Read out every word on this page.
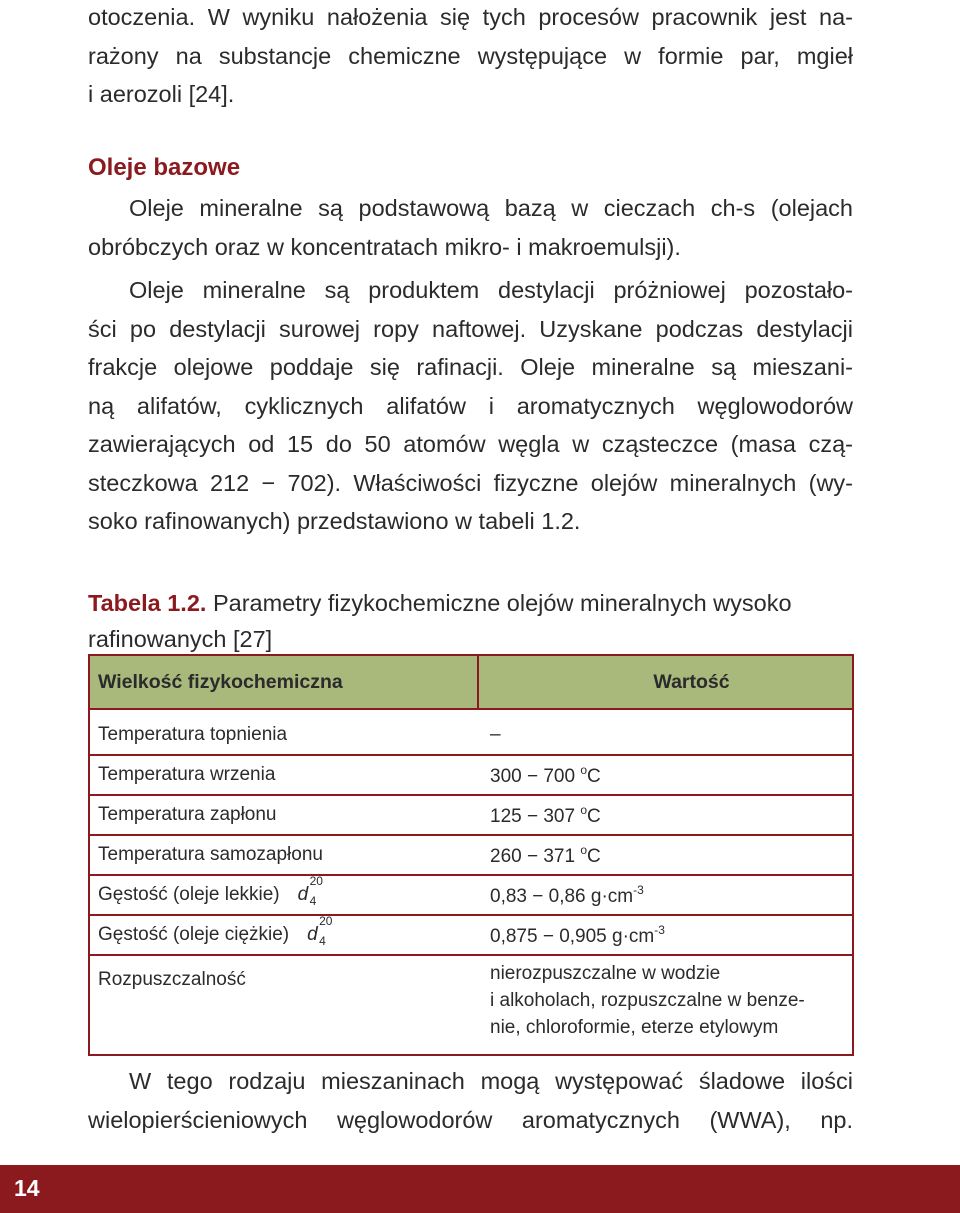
otoczenia. W wyniku nałożenia się tych procesów pracownik jest na-
rażony na substancje chemiczne występujące w formie par, mgieł
i aerozoli [24].
Oleje bazowe
Oleje mineralne są podstawową bazą w cieczach ch-s (olejach
obróbczych oraz w koncentratach mikro- i makroemulsji).
Oleje mineralne są produktem destylacji próżniowej pozostało-
ści po destylacji surowej ropy naftowej. Uzyskane podczas destylacji
frakcje olejowe poddaje się rafinacji. Oleje mineralne są mieszani-
ną alifatów, cyklicznych alifatów i aromatycznych węglowodorów
zawierających od 15 do 50 atomów węgla w cząsteczce (masa czą-
steczkowa 212 − 702). Właściwości fizyczne olejów mineralnych (wy-
soko rafinowanych) przedstawiono w tabeli 1.2.
Tabela 1.2. Parametry fizykochemiczne olejów mineralnych wysoko
rafinowanych [27]
Wielkość fizykochemiczna	Wartość
Temperatura topnienia	–
Temperatura wrzenia	300 − 700 $^o$C
Temperatura zapłonu	125 − 307 $^o$C
Temperatura samozapłonu	260 − 371 $^o$C
Gęstość (oleje lekkie) d
20
4	0,83 − 0,86 $g\cdot cm^{-3}$
Gęstość (oleje ciężkie) d
20
4	0,875 − 0,905 $g\cdot cm^{-3}$
Rozpuszczalność	nierozpuszczalne w wodzie
i alkoholach, rozpuszczalne w benze-
nie, chloroformie, eterze etylowym
W tego rodzaju mieszaninach mogą występować śladowe ilości
wielopierścieniowych węglowodorów aromatycznych (WWA), np.
14
